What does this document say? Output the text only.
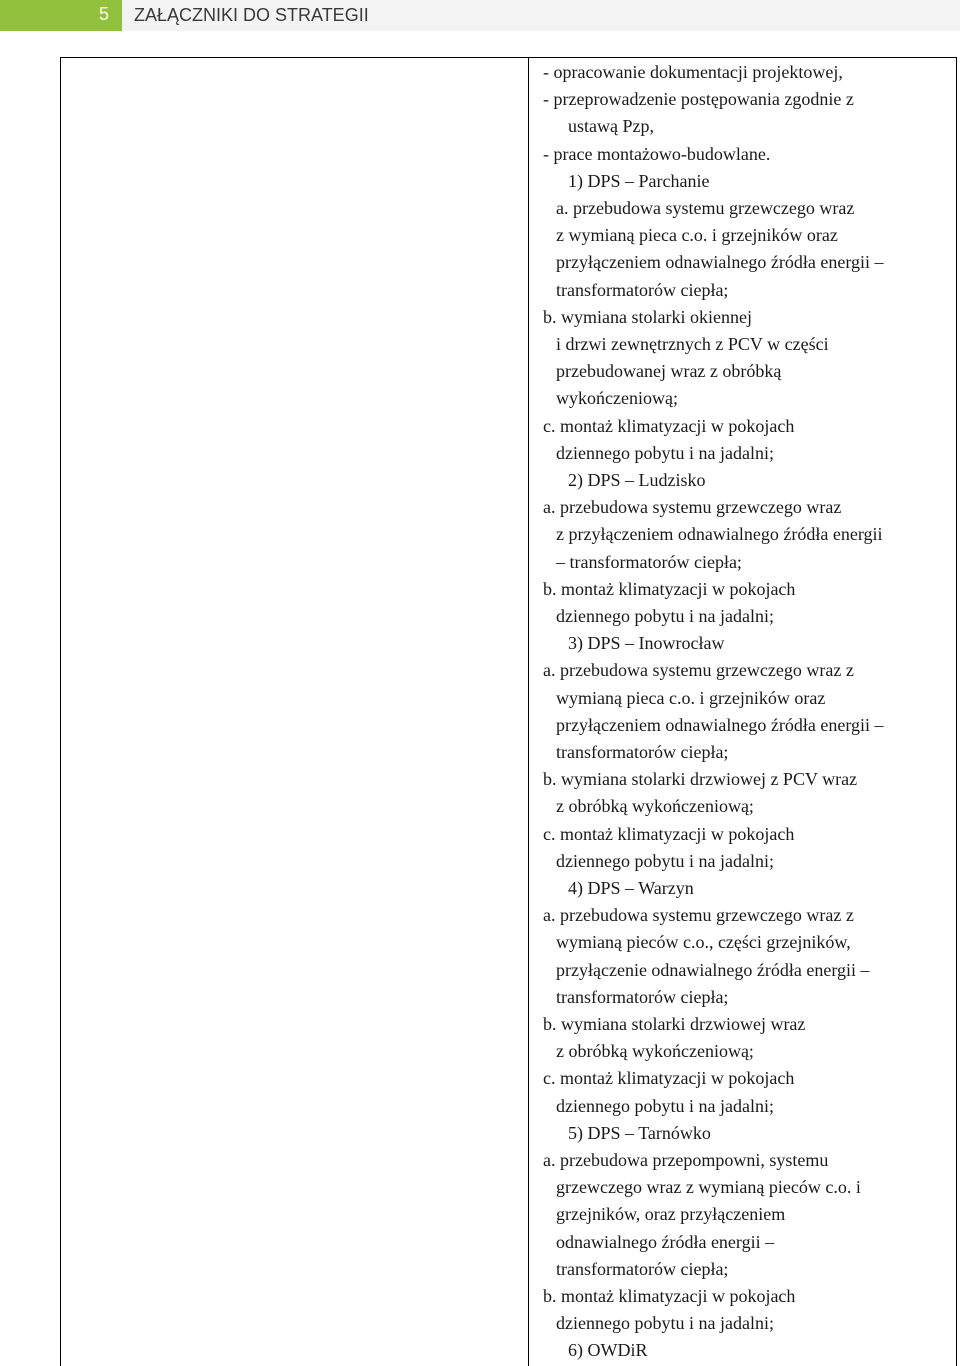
5 ZAŁĄCZNIKI DO STRATEGII
- opracowanie dokumentacji projektowej,
- przeprowadzenie postępowania zgodnie z
ustawą Pzp,
- prace montażowo-budowlane.
1) DPS – Parchanie
a. przebudowa systemu grzewczego wraz
z wymianą pieca c.o. i grzejników oraz
przyłączeniem odnawialnego źródła energii –
transformatorów ciepła;
b. wymiana stolarki okiennej
i drzwi zewnętrznych z PCV w części
przebudowanej wraz z obróbką
wykończeniową;
c. montaż klimatyzacji w pokojach
dziennego pobytu i na jadalni;
2) DPS – Ludzisko
a. przebudowa systemu grzewczego wraz
z przyłączeniem odnawialnego źródła energii
– transformatorów ciepła;
b. montaż klimatyzacji w pokojach
dziennego pobytu i na jadalni;
3) DPS – Inowrocław
a. przebudowa systemu grzewczego wraz z
wymianą pieca c.o. i grzejników oraz
przyłączeniem odnawialnego źródła energii –
transformatorów ciepła;
b. wymiana stolarki drzwiowej z PCV wraz
z obróbką wykończeniową;
c. montaż klimatyzacji w pokojach
dziennego pobytu i na jadalni;
4) DPS – Warzyn
a. przebudowa systemu grzewczego wraz z
wymianą pieców c.o., części grzejników,
przyłączenie odnawialnego źródła energii –
transformatorów ciepła;
b. wymiana stolarki drzwiowej wraz
z obróbką wykończeniową;
c. montaż klimatyzacji w pokojach
dziennego pobytu i na jadalni;
5) DPS – Tarnówko
a. przebudowa przepompowni, systemu
grzewczego wraz z wymianą pieców c.o. i
grzejników, oraz przyłączeniem
odnawialnego źródła energii –
transformatorów ciepła;
b. montaż klimatyzacji w pokojach
dziennego pobytu i na jadalni;
6) OWDiR
